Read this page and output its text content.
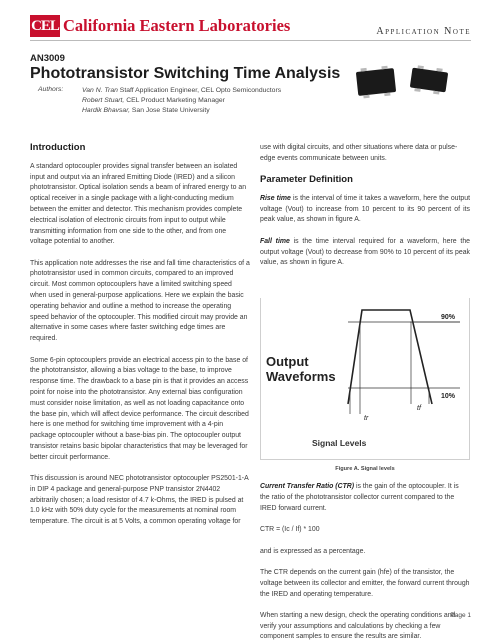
CEL California Eastern Laboratories	Application Note
AN3009
Phototransistor Switching Time Analysis
Authors:	Van N. Tran Staff Application Engineer, CEL Opto Semiconductors
Robert Stuart, CEL Product Marketing Manager
Hardik Bhavsar, San Jose State University
Introduction

A standard optocoupler provides signal transfer between an isolated input and output via an infrared Emitting Diode (IRED) and a silicon phototransistor. Optical isolation sends a beam of infrared energy to an optical receiver in a single package with a light-conducting medium between the emitter and detector. This mechanism provides complete electrical isolation of electronic circuits from input to output while transmitting information from one side to the other, and from one voltage potential to another.

This application note addresses the rise and fall time characteristics of a phototransistor used in common circuits, compared to an improved circuit. Most common optocouplers have a limited switching speed when used in general-purpose applications. Here we explain the basic operating behavior and outline a method to increase the operating speed behavior of the optocoupler. This modified circuit may provide an alternative in some cases where faster switching edge times are required.

Some 6-pin optocouplers provide an electrical access pin to the base of the phototransistor, allowing a bias voltage to the base, to improve response time. The drawback to a base pin is that it provides an access point for noise into the phototransistor. Any external bias configuration must consider noise limitation, as well as not loading capacitance onto the base pin, which will affect device performance. The circuit described here is one method for switching time improvement with a 4-pin package optocoupler without a base-bias pin. The optocoupler output transistor retains basic bipolar characteristics that may be leveraged for better circuit performance.

This discussion is around NEC phototransistor optocoupler PS2501-1-A in DIP 4 package and general-purpose PNP transistor 2N4402 arbitrarily chosen; a load resistor of 4.7 k-Ohms, the IRED is pulsed at 1.0 kHz with 50% duty cycle for the measurements at nominal room temperature. The circuit is at 5 Volts, a common operating voltage for

use with digital circuits, and other situations where data or pulse-edge events communicate between units.

Parameter Definition

Rise time is the interval of time it takes a waveform, here the output voltage (Vout) to increase from 10 percent to its 90 percent of its peak value, as shown in figure A.

Fall time is the time interval required for a waveform, here the output voltage (Vout) to decrease from 90% to 10 percent of its peak value, as shown in figure A.

Output
Waveforms
90%
10%
tr
tf
Signal Levels
Figure A. Signal levels

Current Transfer Ratio (CTR) is the gain of the optocoupler. It is the ratio of the phototransistor collector current compared to the IRED forward current.

CTR = (Ic / If) * 100

and is expressed as a percentage.

The CTR depends on the current gain (hfe) of the transistor, the voltage between its collector and emitter, the forward current through the IRED and operating temperature.

When starting a new design, check the operating conditions and verify your assumptions and calculations by checking a few component samples to ensure the results are similar.

Page 1
